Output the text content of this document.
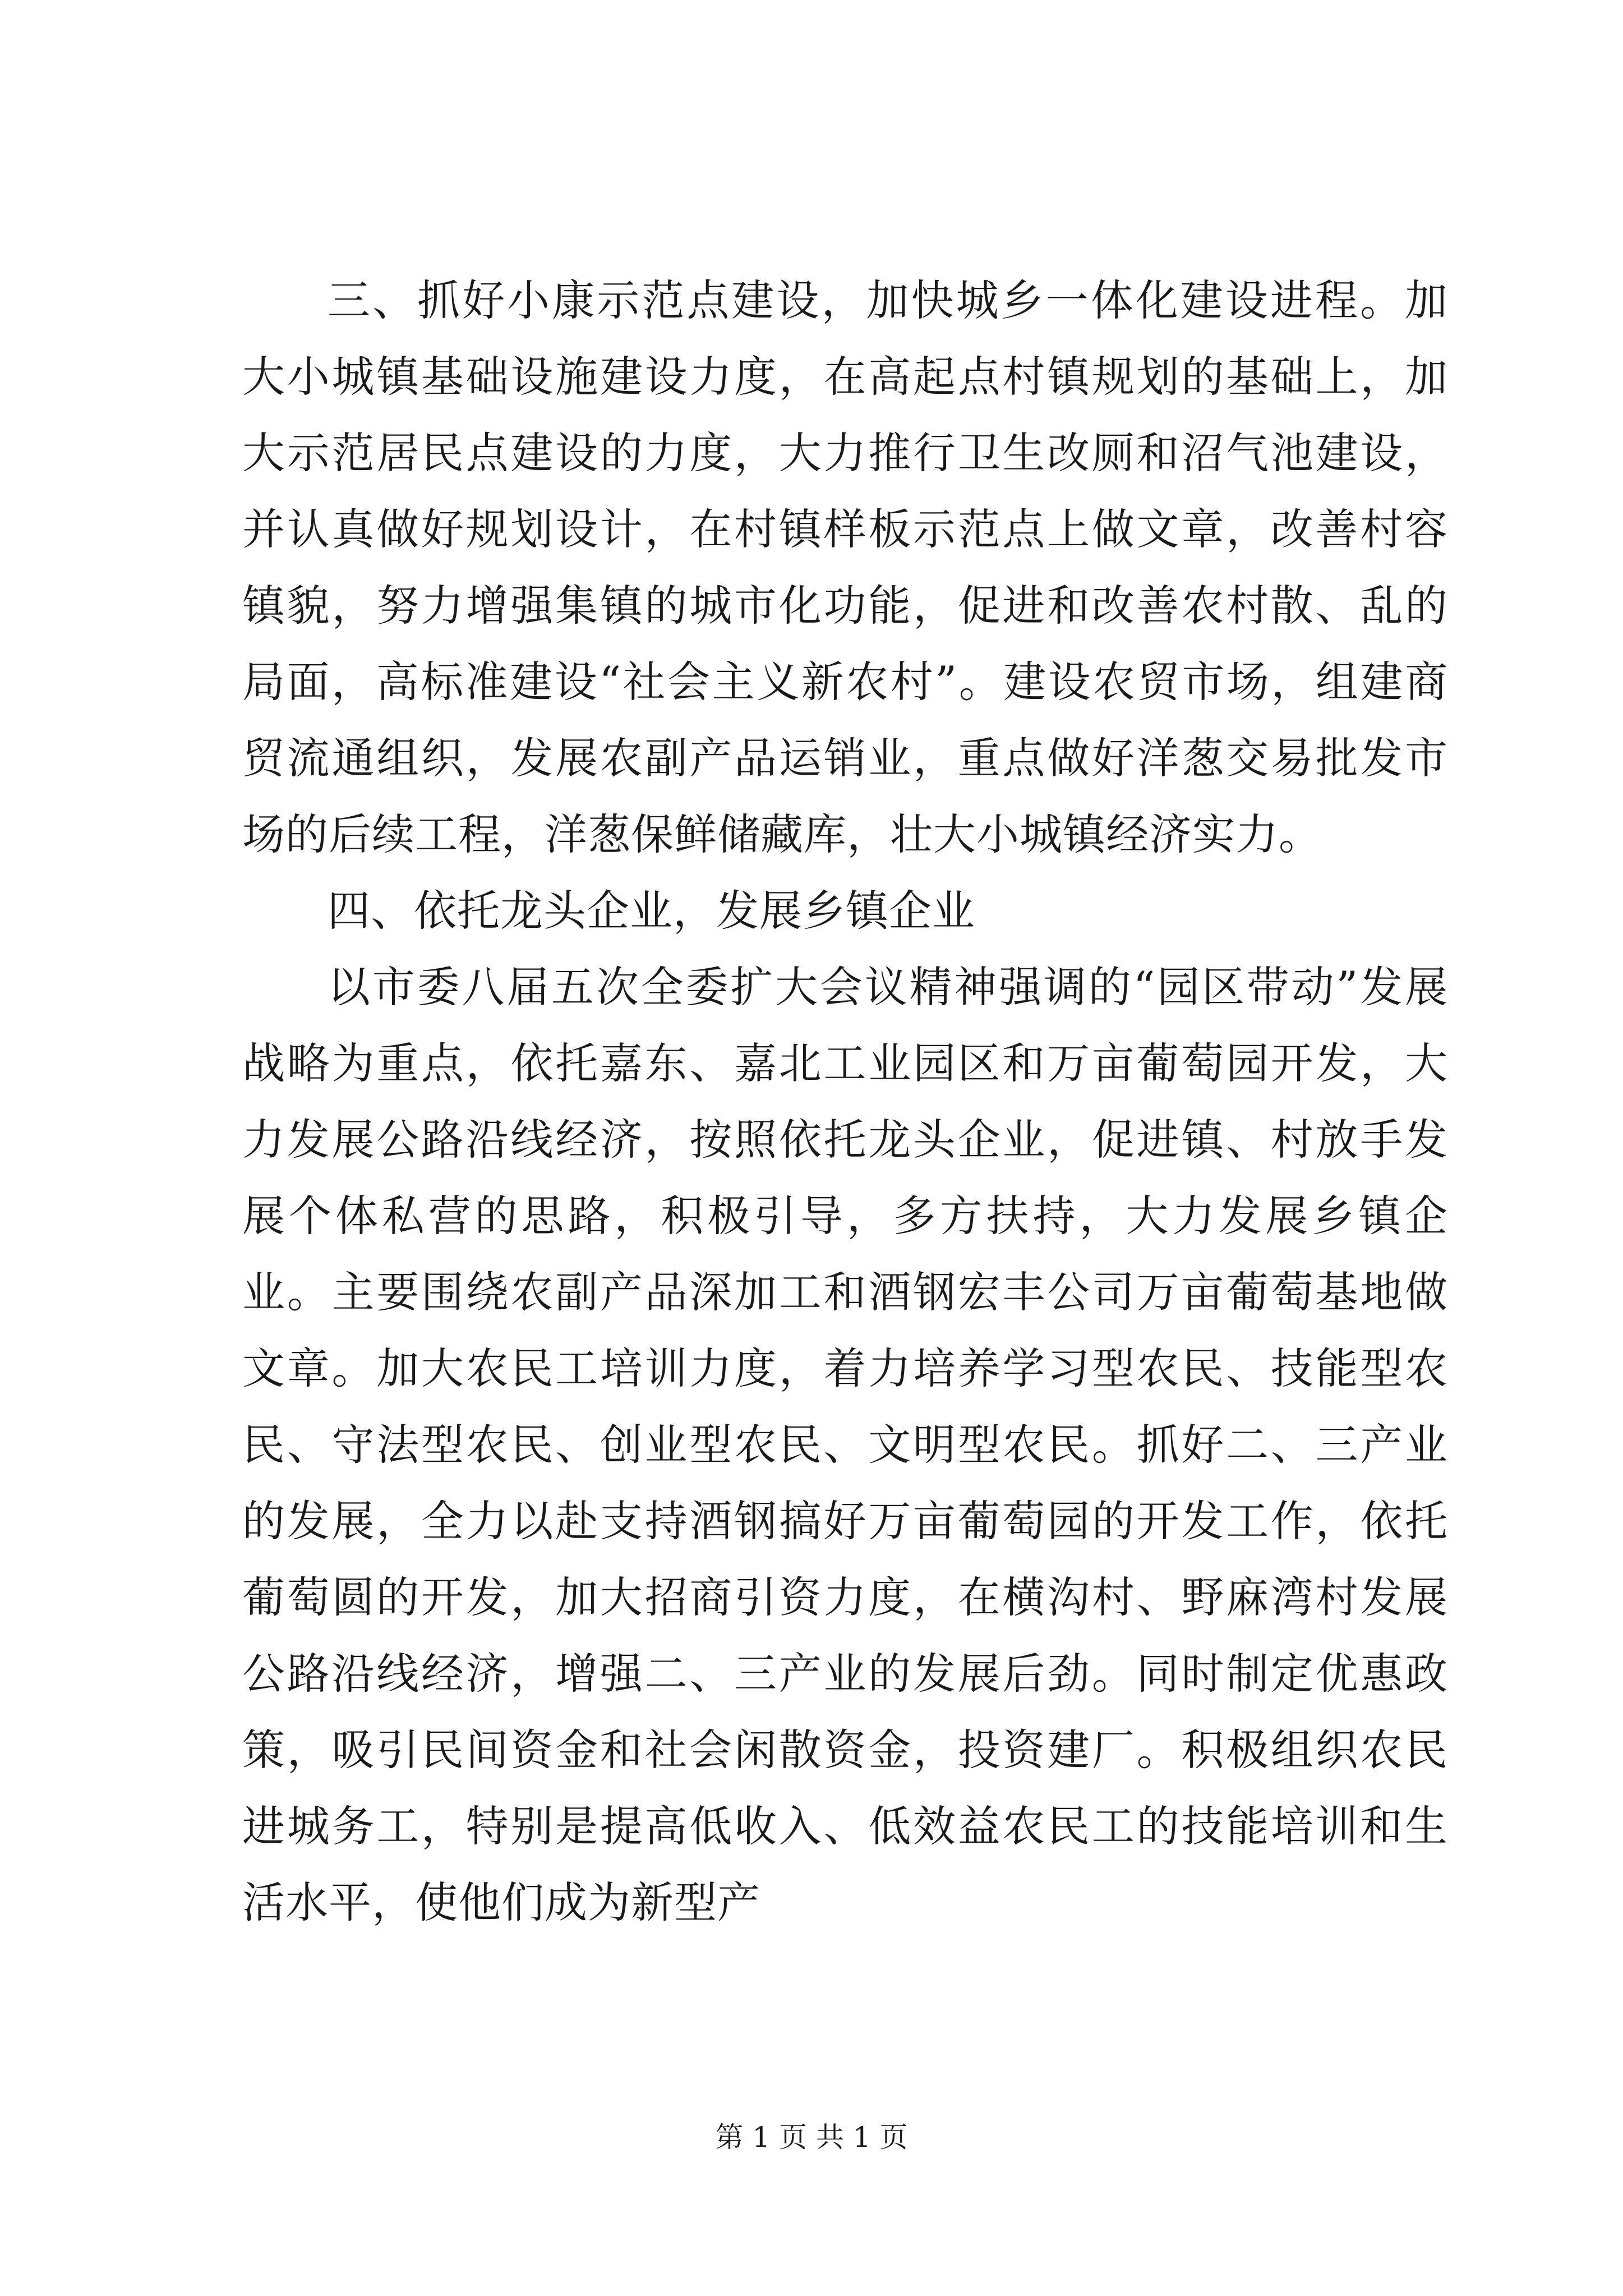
三、抓好小康示范点建设，加快城乡一体化建设进程。加大小城镇基础设施建设力度，在高起点村镇规划的基础上，加大示范居民点建设的力度，大力推行卫生改厕和沼气池建设，并认真做好规划设计，在村镇样板示范点上做文章，改善村容镇貌，努力增强集镇的城市化功能，促进和改善农村散、乱的局面，高标准建设“社会主义新农村”。建设农贸市场，组建商贸流通组织，发展农副产品运销业，重点做好洋葱交易批发市场的后续工程，洋葱保鲜储藏库，壮大小城镇经济实力。

四、依托龙头企业，发展乡镇企业

以市委八届五次全委扩大会议精神强调的“园区带动”发展战略为重点，依托嘉东、嘉北工业园区和万亩葡萄园开发，大力发展公路沿线经济，按照依托龙头企业，促进镇、村放手发展个体私营的思路，积极引导，多方扶持，大力发展乡镇企业。主要围绕农副产品深加工和酒钢宏丰公司万亩葡萄基地做文章。加大农民工培训力度，着力培养学习型农民、技能型农民、守法型农民、创业型农民、文明型农民。抓好二、三产业的发展，全力以赴支持酒钢搞好万亩葡萄园的开发工作，依托葡萄圆的开发，加大招商引资力度，在横沟村、野麻湾村发展公路沿线经济，增强二、三产业的发展后劲。同时制定优惠政策，吸引民间资金和社会闲散资金，投资建厂。积极组织农民进城务工，特别是提高低收入、低效益农民工的技能培训和生活水平，使他们成为新型产

第 1 页 共 1 页
